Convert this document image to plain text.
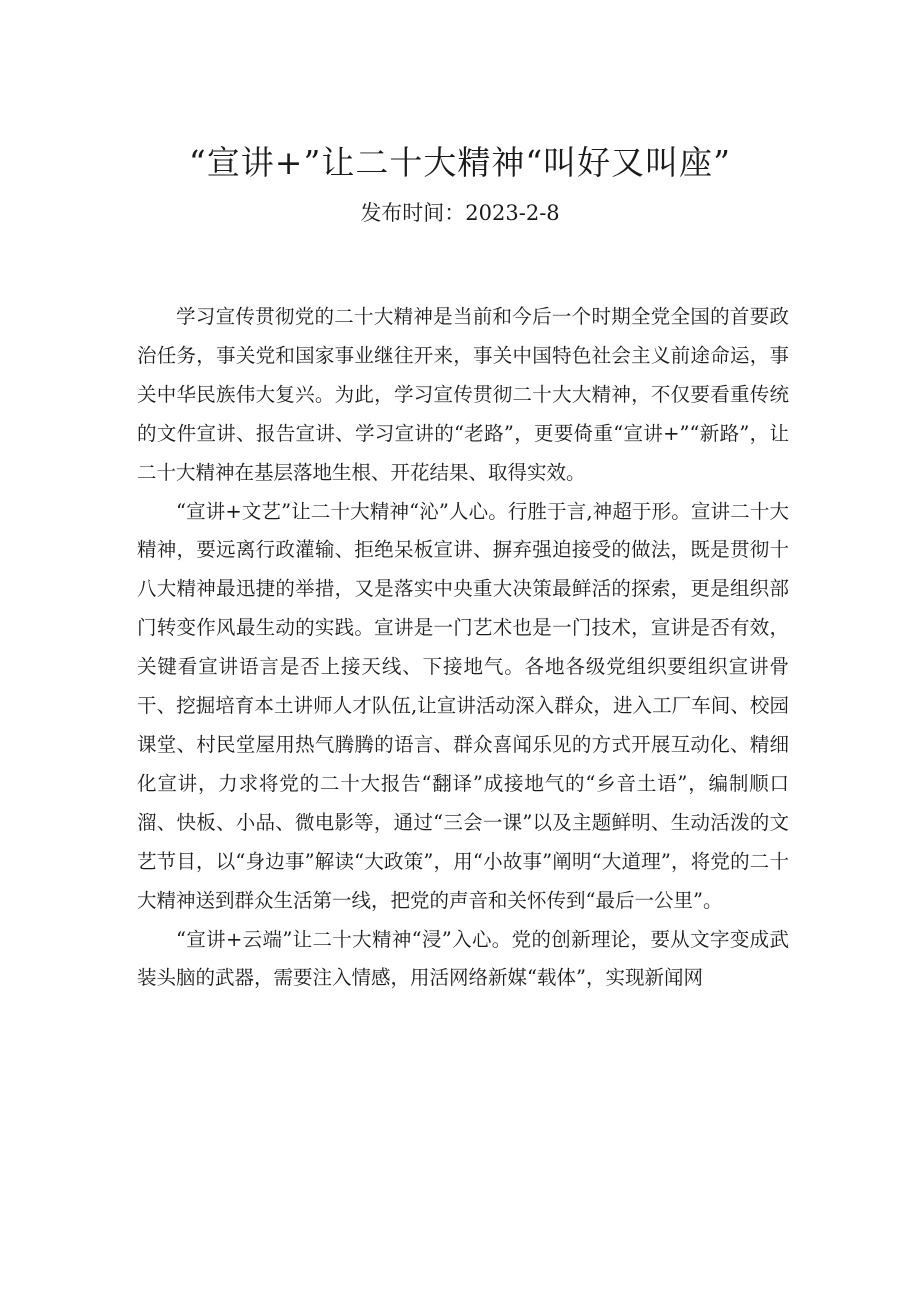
“宣讲+”让二十大精神“叫好又叫座”
发布时间：2023-2-8

学习宣传贯彻党的二十大精神是当前和今后一个时期全党全国的首要政治任务，事关党和国家事业继往开来，事关中国特色社会主义前途命运，事关中华民族伟大复兴。为此，学习宣传贯彻二十大大精神，不仅要看重传统的文件宣讲、报告宣讲、学习宣讲的“老路”，更要倚重“宣讲+”“新路”，让二十大精神在基层落地生根、开花结果、取得实效。

“宣讲+文艺”让二十大精神“沁”人心。行胜于言,神超于形。宣讲二十大精神，要远离行政灌输、拒绝呆板宣讲、摒弃强迫接受的做法，既是贯彻十八大精神最迅捷的举措，又是落实中央重大决策最鲜活的探索，更是组织部门转变作风最生动的实践。宣讲是一门艺术也是一门技术，宣讲是否有效，关键看宣讲语言是否上接天线、下接地气。各地各级党组织要组织宣讲骨干、挖掘培育本土讲师人才队伍,让宣讲活动深入群众，进入工厂车间、校园课堂、村民堂屋用热气腾腾的语言、群众喜闻乐见的方式开展互动化、精细化宣讲，力求将党的二十大报告“翻译”成接地气的“乡音土语”，编制顺口溜、快板、小品、微电影等，通过“三会一课”以及主题鲜明、生动活泼的文艺节目，以“身边事”解读“大政策”，用“小故事”阐明“大道理”，将党的二十大精神送到群众生活第一线，把党的声音和关怀传到“最后一公里”。

“宣讲+云端”让二十大精神“浸”入心。党的创新理论，要从文字变成武装头脑的武器，需要注入情感，用活网络新媒“载体”，实现新闻网
